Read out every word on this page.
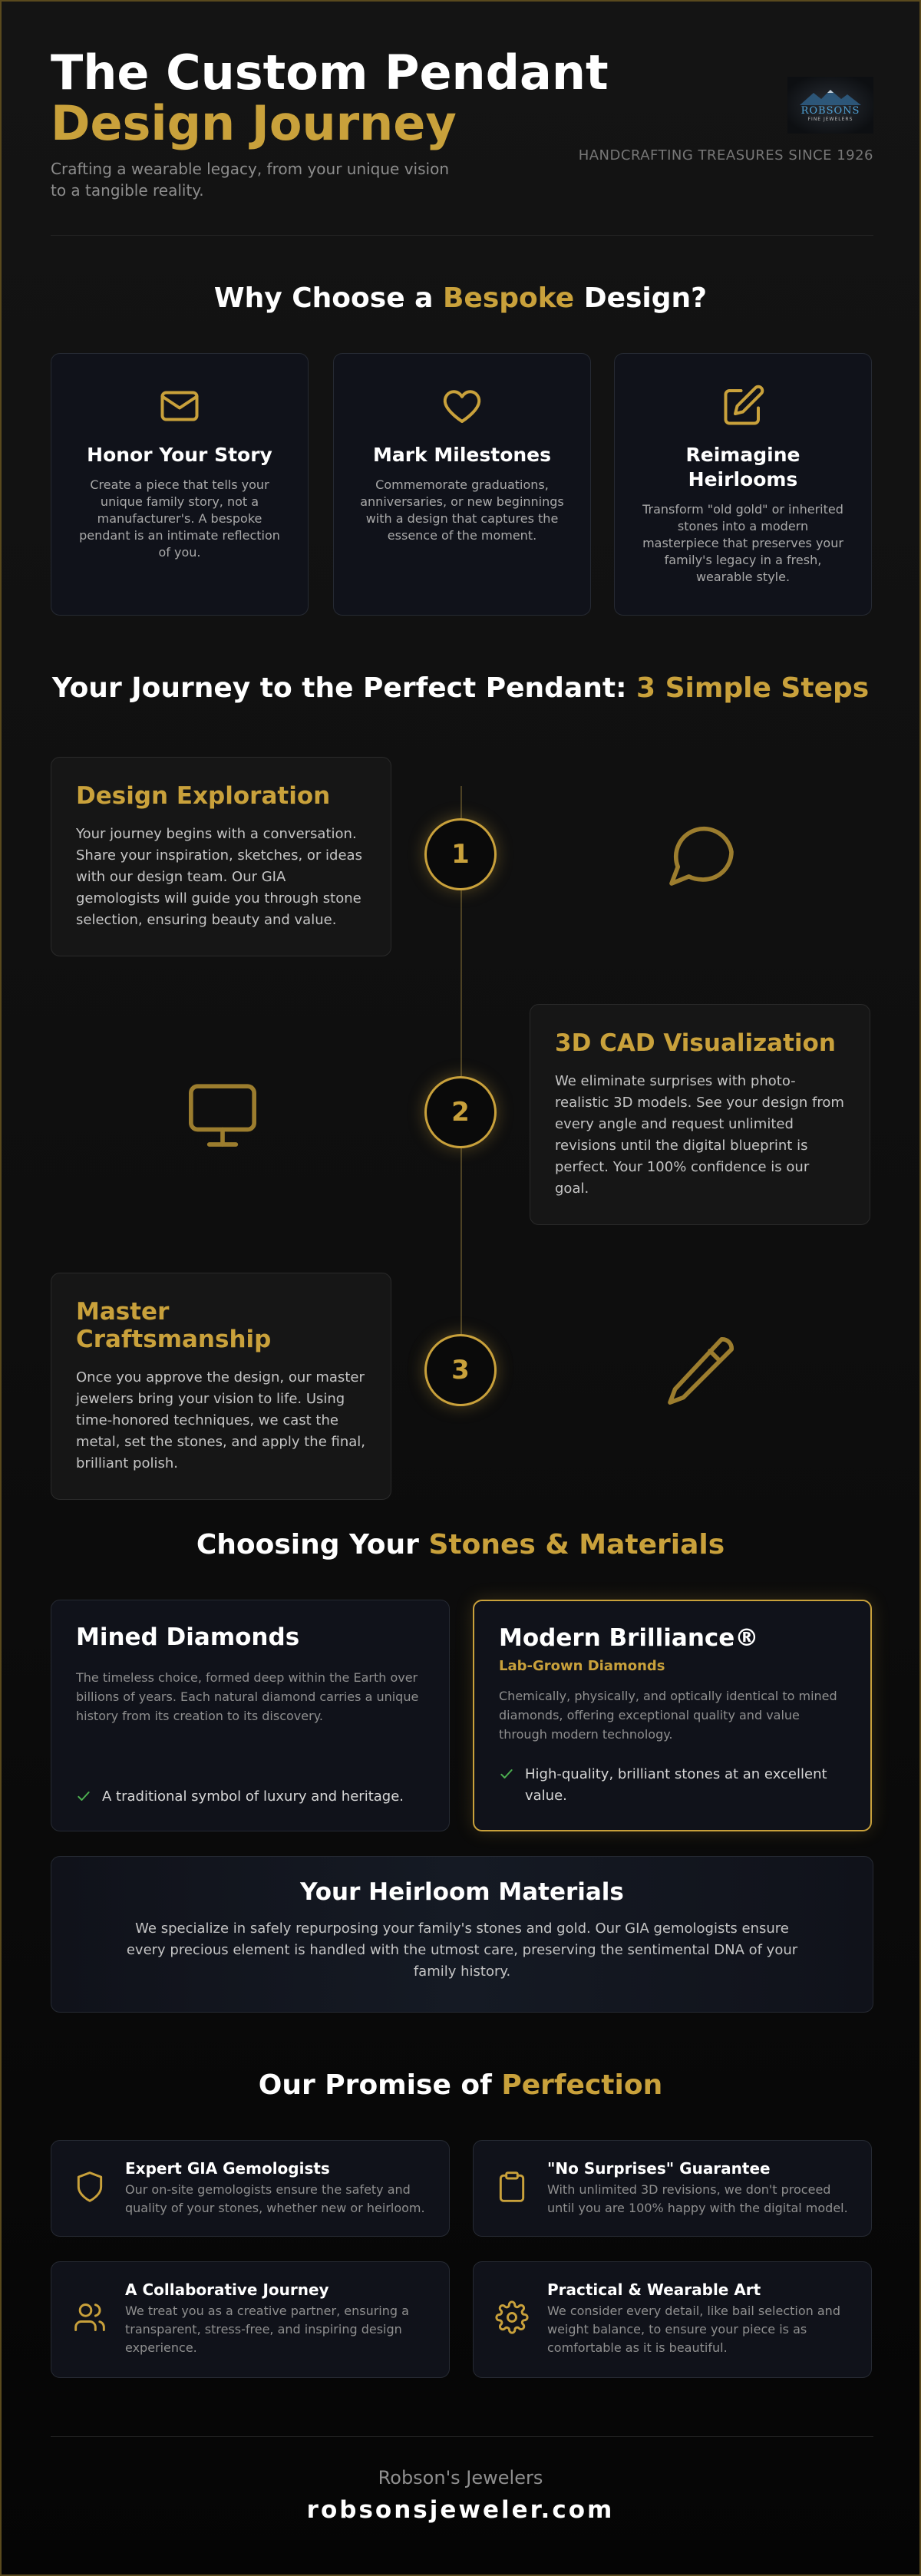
The Custom Pendant
Design Journey
Crafting a wearable legacy, from your unique vision to a tangible reality.
ROBSONS
FINE JEWELERS
HANDCRAFTING TREASURES SINCE 1926
Why Choose a Bespoke Design?
Honor Your Story

Create a piece that tells your unique family story, not a manufacturer's. A bespoke pendant is an intimate reflection of you.

Mark Milestones

Commemorate graduations, anniversaries, or new beginnings with a design that captures the essence of the moment.

Reimagine Heirlooms

Transform "old gold" or inherited stones into a modern masterpiece that preserves your family's legacy in a fresh, wearable style.

Your Journey to the Perfect Pendant: 3 Simple Steps
Design Exploration

Your journey begins with a conversation. Share your inspiration, sketches, or ideas with our design team. Our GIA gemologists will guide you through stone selection, ensuring beauty and value.

1
3D CAD Visualization

We eliminate surprises with photo-realistic 3D models. See your design from every angle and request unlimited revisions until the digital blueprint is perfect. Your 100% confidence is our goal.

2
Master Craftsmanship

Once you approve the design, our master jewelers bring your vision to life. Using time-honored techniques, we cast the metal, set the stones, and apply the final, brilliant polish.

3
Choosing Your Stones & Materials
Mined Diamonds

The timeless choice, formed deep within the Earth over billions of years. Each natural diamond carries a unique history from its creation to its discovery.

A traditional symbol of luxury and heritage.
Modern Brilliance®
Lab-Grown Diamonds

Chemically, physically, and optically identical to mined diamonds, offering exceptional quality and value through modern technology.

High-quality, brilliant stones at an excellent value.
Your Heirloom Materials

We specialize in safely repurposing your family's stones and gold. Our GIA gemologists ensure every precious element is handled with the utmost care, preserving the sentimental DNA of your family history.

Our Promise of Perfection
Expert GIA Gemologists

Our on-site gemologists ensure the safety and quality of your stones, whether new or heirloom.

"No Surprises" Guarantee

With unlimited 3D revisions, we don't proceed until you are 100% happy with the digital model.

A Collaborative Journey

We treat you as a creative partner, ensuring a transparent, stress-free, and inspiring design experience.

Practical & Wearable Art

We consider every detail, like bail selection and weight balance, to ensure your piece is as comfortable as it is beautiful.

Robson's Jewelers
robsonsjeweler.com
